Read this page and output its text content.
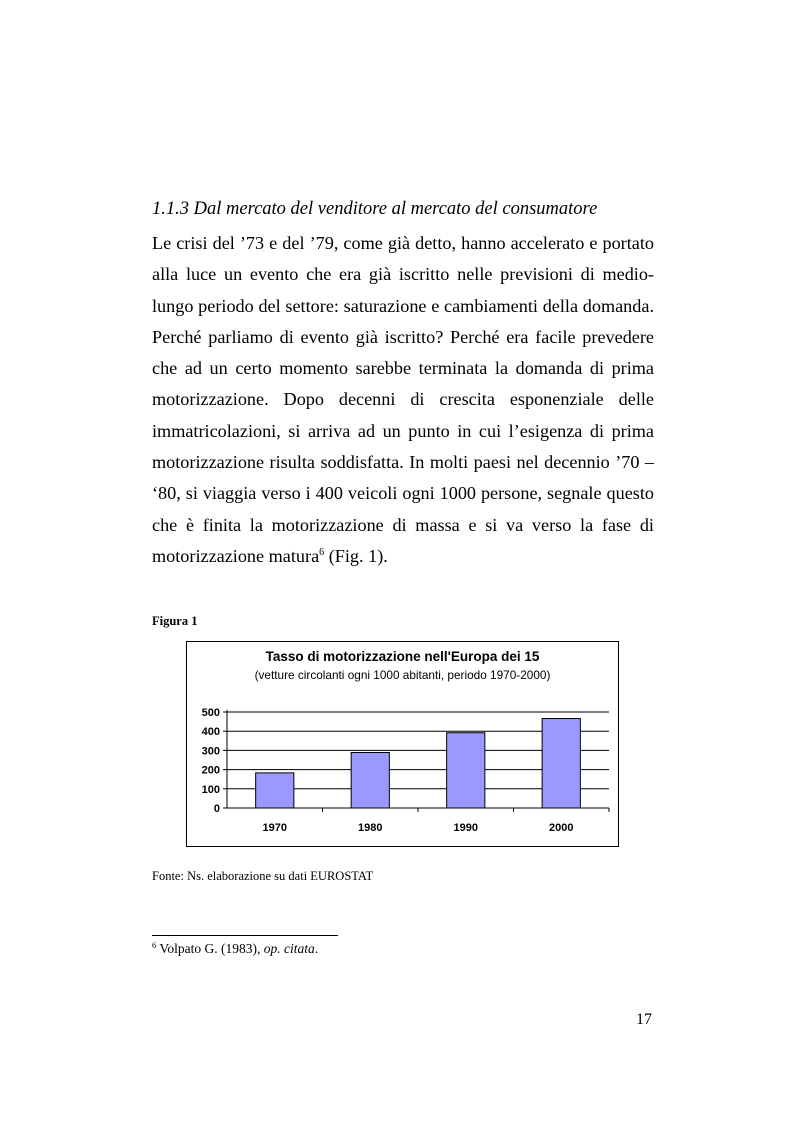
1.1.3 Dal mercato del venditore al mercato del consumatore

Le crisi del ’73 e del ’79, come già detto, hanno accelerato e portato alla luce un evento che era già iscritto nelle previsioni di medio-lungo periodo del settore: saturazione e cambiamenti della domanda. Perché parliamo di evento già iscritto? Perché era facile prevedere che ad un certo momento sarebbe terminata la domanda di prima motorizzazione. Dopo decenni di crescita esponenziale delle immatricolazioni, si arriva ad un punto in cui l’esigenza di prima motorizzazione risulta soddisfatta. In molti paesi nel decennio ’70 – ‘80, si viaggia verso i 400 veicoli ogni 1000 persone, segnale questo che è finita la motorizzazione di massa e si va verso la fase di motorizzazione matura$^6$ (Fig. 1).

Figura 1
Tasso di motorizzazione nell'Europa dei 15
(vetture circolanti ogni 1000 abitanti, periodo 1970-2000)
0
100
200
300
400
500
1970	1980	1990	2000
Fonte: Ns. elaborazione su dati EUROSTAT
$^6$ Volpato G. (1983), op. citata.
17
